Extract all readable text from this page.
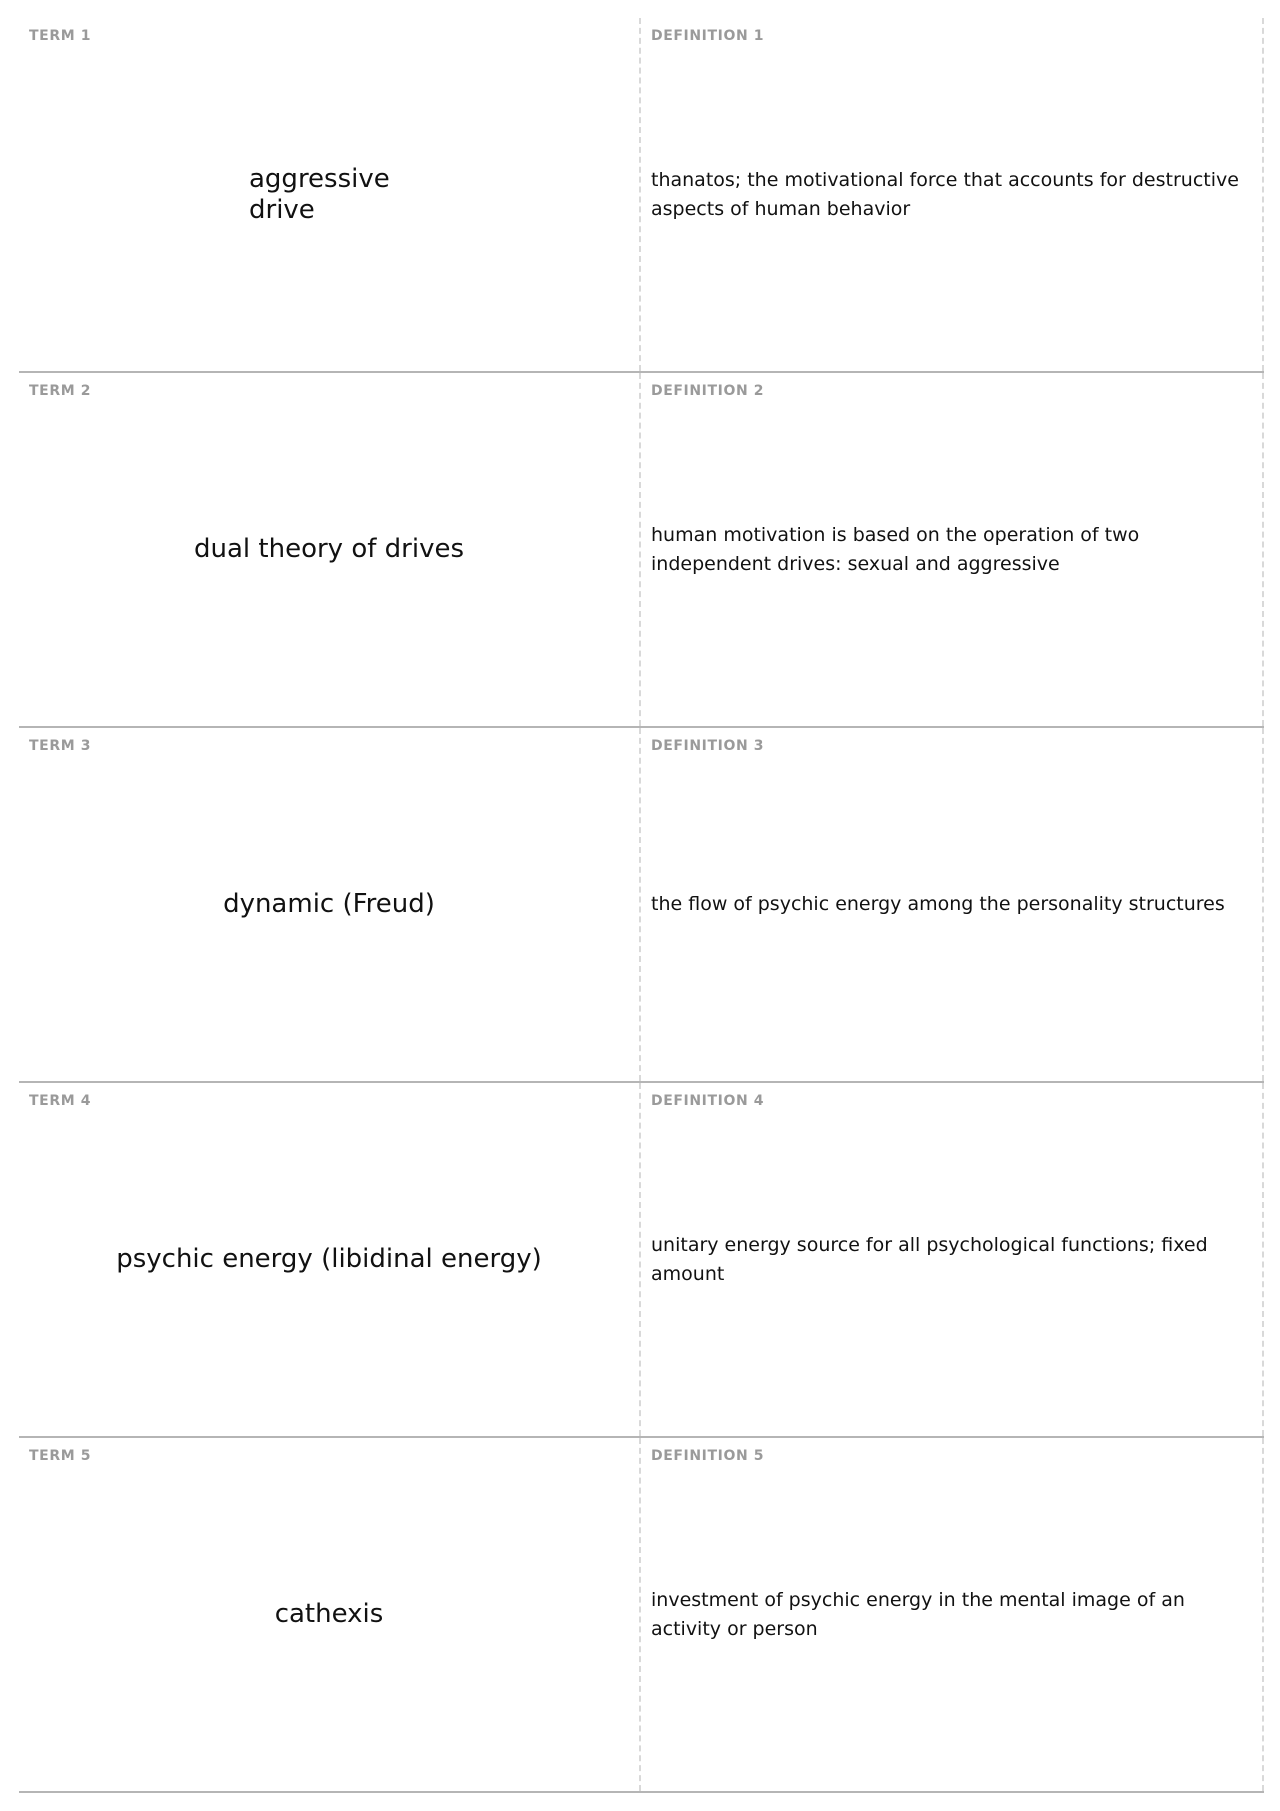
TERM 1
aggressive drive
DEFINITION 1
thanatos; the motivational force that accounts for destructive aspects of human behavior
TERM 2
dual theory of drives
DEFINITION 2
human motivation is based on the operation of two independent drives: sexual and aggressive
TERM 3
dynamic (Freud)
DEFINITION 3
the flow of psychic energy among the personality structures
TERM 4
psychic energy (libidinal energy)
DEFINITION 4
unitary energy source for all psychological functions; fixed amount
TERM 5
cathexis
DEFINITION 5
investment of psychic energy in the mental image of an activity or person
